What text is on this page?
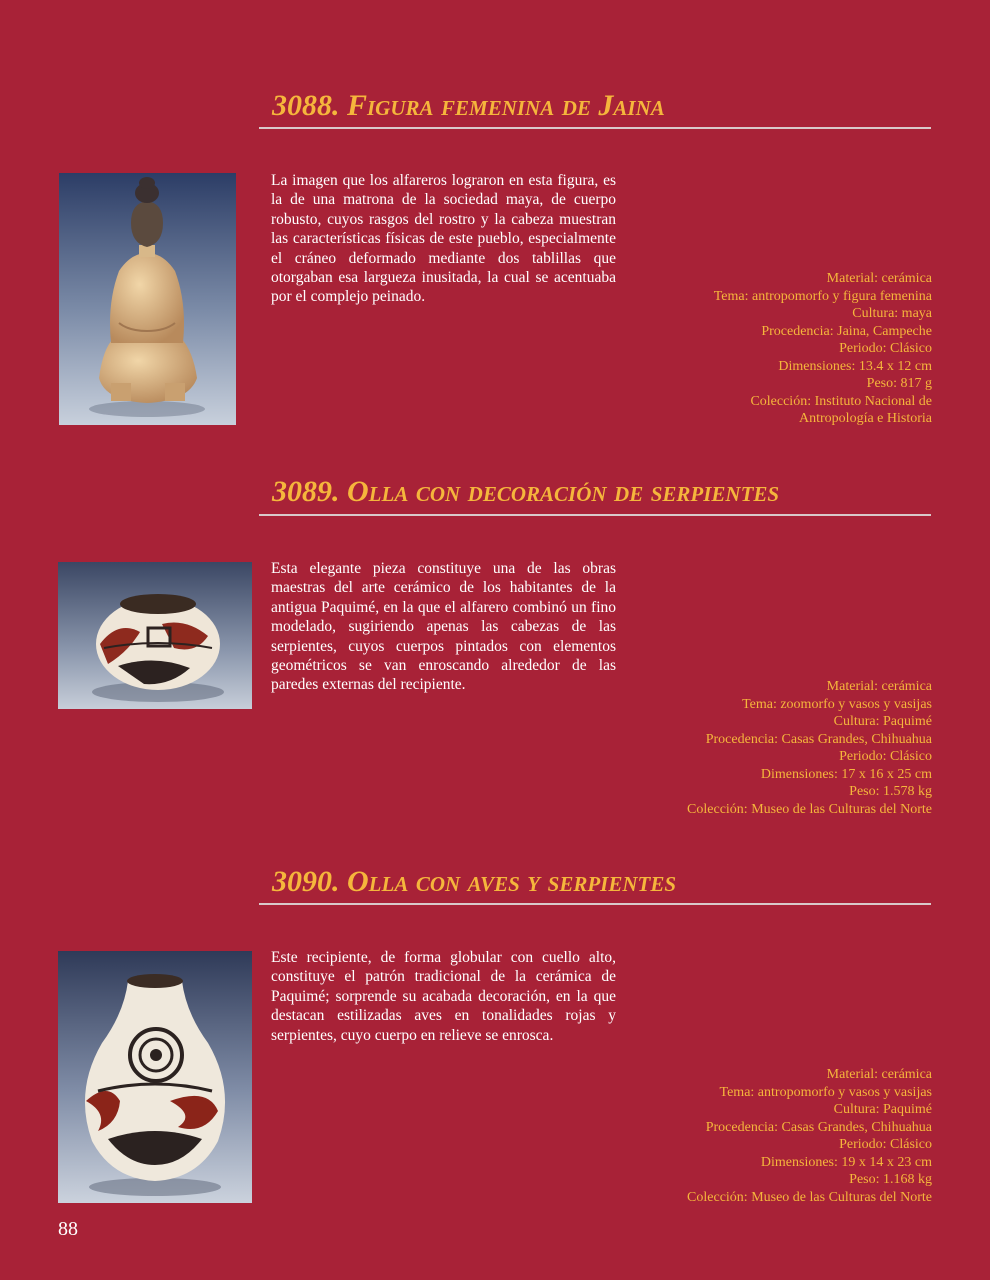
3088. Figura femenina de Jaina

La imagen que los alfareros lograron en esta figura, es la de una matrona de la sociedad maya, de cuerpo robusto, cuyos rasgos del rostro y la cabeza muestran las características físicas de este pueblo, especialmente el cráneo deformado mediante dos tablillas que otorgaban esa largueza inusitada, la cual se acentuaba por el complejo peinado.

Material: cerámica
Tema: antropomorfo y figura femenina
Cultura: maya
Procedencia: Jaina, Campeche
Periodo: Clásico
Dimensiones: 13.4 x 12 cm
Peso: 817 g
Colección: Instituto Nacional de
Antropología e Historia
3089. Olla con decoración de serpientes

Esta elegante pieza constituye una de las obras maestras del arte cerámico de los habitantes de la antigua Paquimé, en la que el alfarero combinó un fino modelado, sugiriendo apenas las cabezas de las serpientes, cuyos cuerpos pintados con elementos geométricos se van enroscando alrededor de las paredes externas del recipiente.	Material: cerámica
Tema: zoomorfo y vasos y vasijas
Cultura: Paquimé
Procedencia: Casas Grandes, Chihuahua
Periodo: Clásico
Dimensiones: 17 x 16 x 25 cm
Peso: 1.578 kg
Colección: Museo de las Culturas del Norte
3090. Olla con aves y serpientes

Este recipiente, de forma globular con cuello alto, constituye el patrón tradicional de la cerámica de Paquimé; sorprende su acabada decoración, en la que destacan estilizadas aves en tonalidades rojas y serpientes, cuyo cuerpo en relieve se enrosca.

Material: cerámica
Tema: antropomorfo y vasos y vasijas
Cultura: Paquimé
Procedencia: Casas Grandes, Chihuahua
Periodo: Clásico
Dimensiones: 19 x 14 x 23 cm
Peso: 1.168 kg
Colección: Museo de las Culturas del Norte
88
